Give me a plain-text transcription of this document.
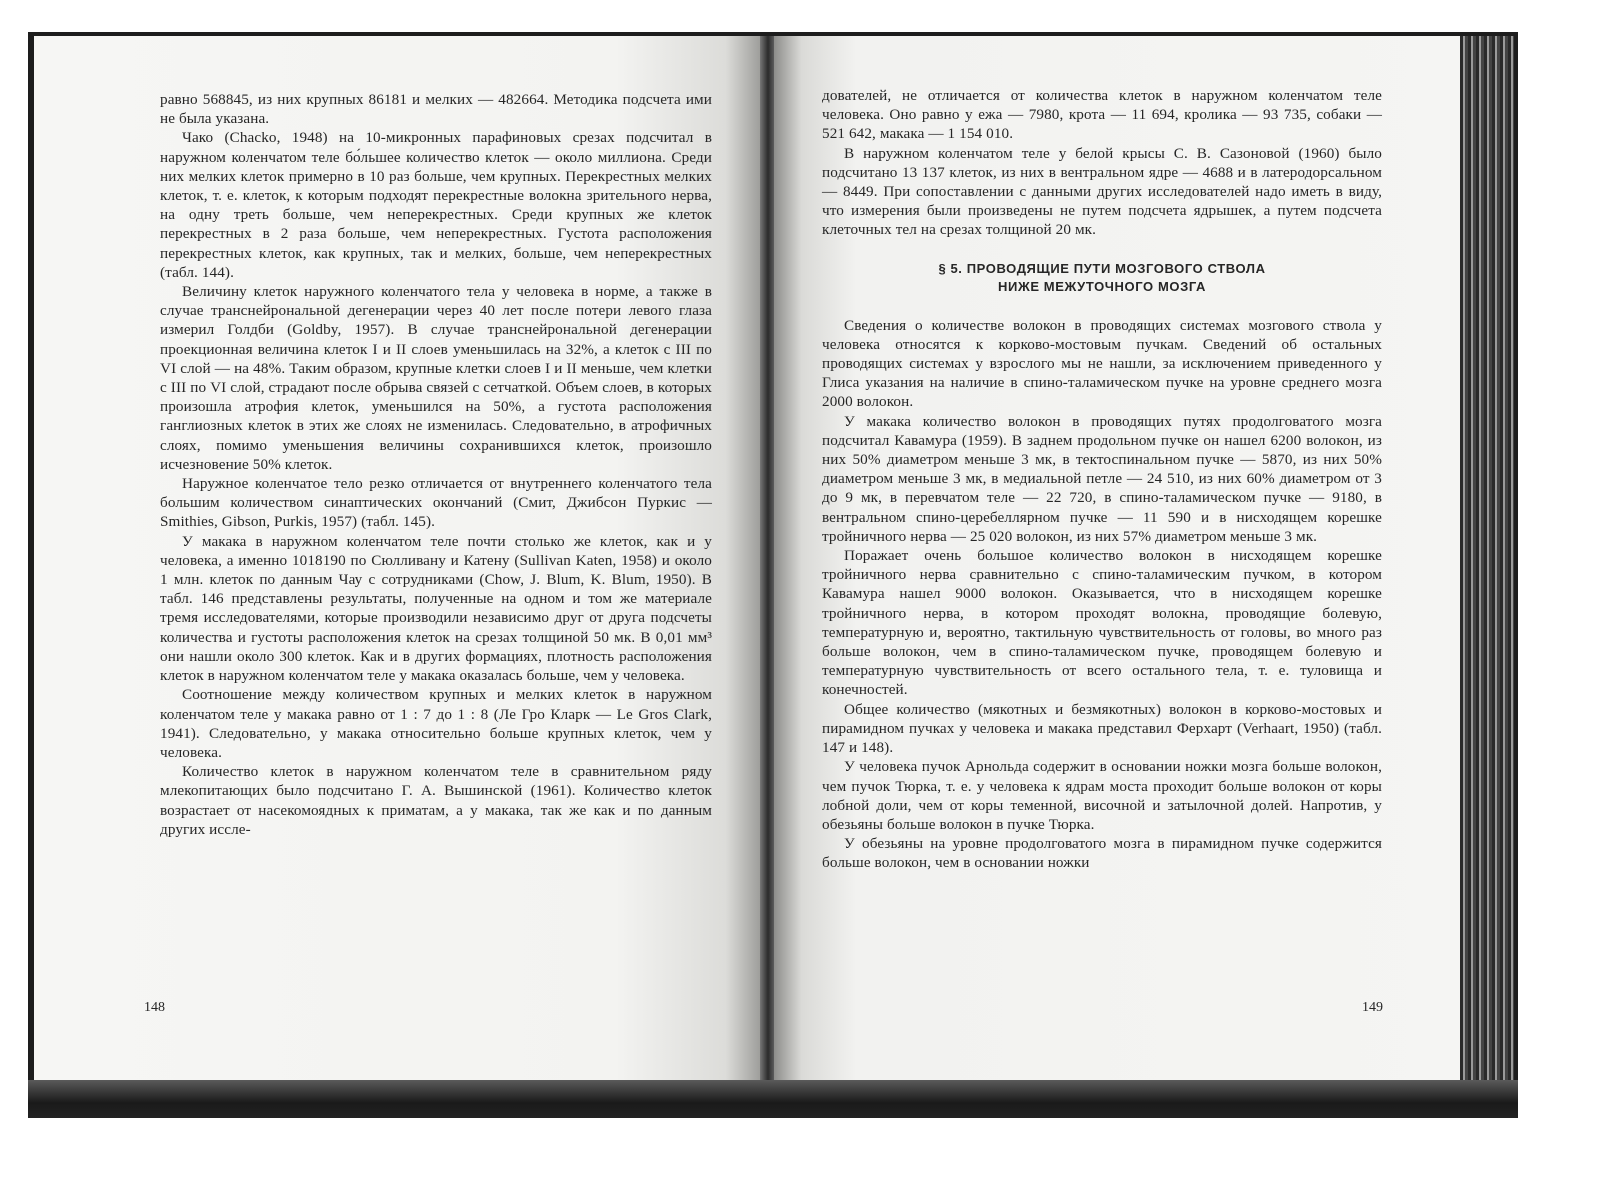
равно 568845, из них крупных 86181 и мелких — 482664. Методика подсчета ими не была указана.

Чако (Chacko, 1948) на 10-микронных парафиновых срезах подсчитал в наружном коленчатом теле бо́льшее количество клеток — около миллиона. Среди них мелких клеток примерно в 10 раз больше, чем крупных. Перекрестных мелких клеток, т. е. клеток, к которым подходят перекрестные волокна зрительного нерва, на одну треть больше, чем неперекрестных. Среди крупных же клеток перекрестных в 2 раза больше, чем неперекрестных. Густота расположения перекрестных клеток, как крупных, так и мелких, больше, чем неперекрестных (табл. 144).

Величину клеток наружного коленчатого тела у человека в норме, а также в случае транснейрональной дегенерации через 40 лет после потери левого глаза измерил Голдби (Goldby, 1957). В случае транснейрональной дегенерации проекционная величина клеток I и II слоев уменьшилась на 32%, а клеток с III по VI слой — на 48%. Таким образом, крупные клетки слоев I и II меньше, чем клетки с III по VI слой, страдают после обрыва связей с сетчаткой. Объем слоев, в которых произошла атрофия клеток, уменьшился на 50%, а густота расположения ганглиозных клеток в этих же слоях не изменилась. Следовательно, в атрофичных слоях, помимо уменьшения величины сохранившихся клеток, произошло исчезновение 50% клеток.

Наружное коленчатое тело резко отличается от внутреннего коленчатого тела большим количеством синаптических окончаний (Смит, Джибсон Пуркис — Smithies, Gibson, Purkis, 1957) (табл. 145).

У макака в наружном коленчатом теле почти столько же клеток, как и у человека, а именно 1018190 по Сюлливану и Катену (Sullivan Katen, 1958) и около 1 млн. клеток по данным Чау с сотрудниками (Chow, J. Blum, K. Blum, 1950). В табл. 146 представлены результаты, полученные на одном и том же материале тремя исследователями, которые производили независимо друг от друга подсчеты количества и густоты расположения клеток на срезах толщиной 50 мк. В 0,01 мм³ они нашли около 300 клеток. Как и в других формациях, плотность расположения клеток в наружном коленчатом теле у макака оказалась больше, чем у человека.

Соотношение между количеством крупных и мелких клеток в наружном коленчатом теле у макака равно от 1 : 7 до 1 : 8 (Ле Гро Кларк — Le Gros Clark, 1941). Следовательно, у макака относительно больше крупных клеток, чем у человека.

Количество клеток в наружном коленчатом теле в сравнительном ряду млекопитающих было подсчитано Г. А. Вышинской (1961). Количество клеток возрастает от насекомоядных к приматам, а у макака, так же как и по данным других иссле-

148

дователей, не отличается от количества клеток в наружном коленчатом теле человека. Оно равно у ежа — 7980, крота — 11 694, кролика — 93 735, собаки — 521 642, макака — 1 154 010.

В наружном коленчатом теле у белой крысы С. В. Сазоновой (1960) было подсчитано 13 137 клеток, из них в вентральном ядре — 4688 и в латеродорсальном — 8449. При сопоставлении с данными других исследователей надо иметь в виду, что измерения были произведены не путем подсчета ядрышек, а путем подсчета клеточных тел на срезах толщиной 20 мк.

§ 5. ПРОВОДЯЩИЕ ПУТИ МОЗГОВОГО СТВОЛА
НИЖЕ МЕЖУТОЧНОГО МОЗГА

Сведения о количестве волокон в проводящих системах мозгового ствола у человека относятся к корково-мостовым пучкам. Сведений об остальных проводящих системах у взрослого мы не нашли, за исключением приведенного у Глиса указания на наличие в спино-таламическом пучке на уровне среднего мозга 2000 волокон.

У макака количество волокон в проводящих путях продолговатого мозга подсчитал Кавамура (1959). В заднем продольном пучке он нашел 6200 волокон, из них 50% диаметром меньше 3 мк, в тектоспинальном пучке — 5870, из них 50% диаметром меньше 3 мк, в медиальной петле — 24 510, из них 60% диаметром от 3 до 9 мк, в перевчатом теле — 22 720, в спино-таламическом пучке — 9180, в вентральном спино-церебеллярном пучке — 11 590 и в нисходящем корешке тройничного нерва — 25 020 волокон, из них 57% диаметром меньше 3 мк.

Поражает очень большое количество волокон в нисходящем корешке тройничного нерва сравнительно с спино-таламическим пучком, в котором Кавамура нашел 9000 волокон. Оказывается, что в нисходящем корешке тройничного нерва, в котором проходят волокна, проводящие болевую, температурную и, вероятно, тактильную чувствительность от головы, во много раз больше волокон, чем в спино-таламическом пучке, проводящем болевую и температурную чувствительность от всего остального тела, т. е. туловища и конечностей.

Общее количество (мякотных и безмякотных) волокон в корково-мостовых и пирамидном пучках у человека и макака представил Ферхарт (Verhaart, 1950) (табл. 147 и 148).

У человека пучок Арнольда содержит в основании ножки мозга больше волокон, чем пучок Тюрка, т. е. у человека к ядрам моста проходит больше волокон от коры лобной доли, чем от коры теменной, височной и затылочной долей. Напротив, у обезьяны больше волокон в пучке Тюрка.

У обезьяны на уровне продолговатого мозга в пирамидном пучке содержится больше волокон, чем в основании ножки

149
